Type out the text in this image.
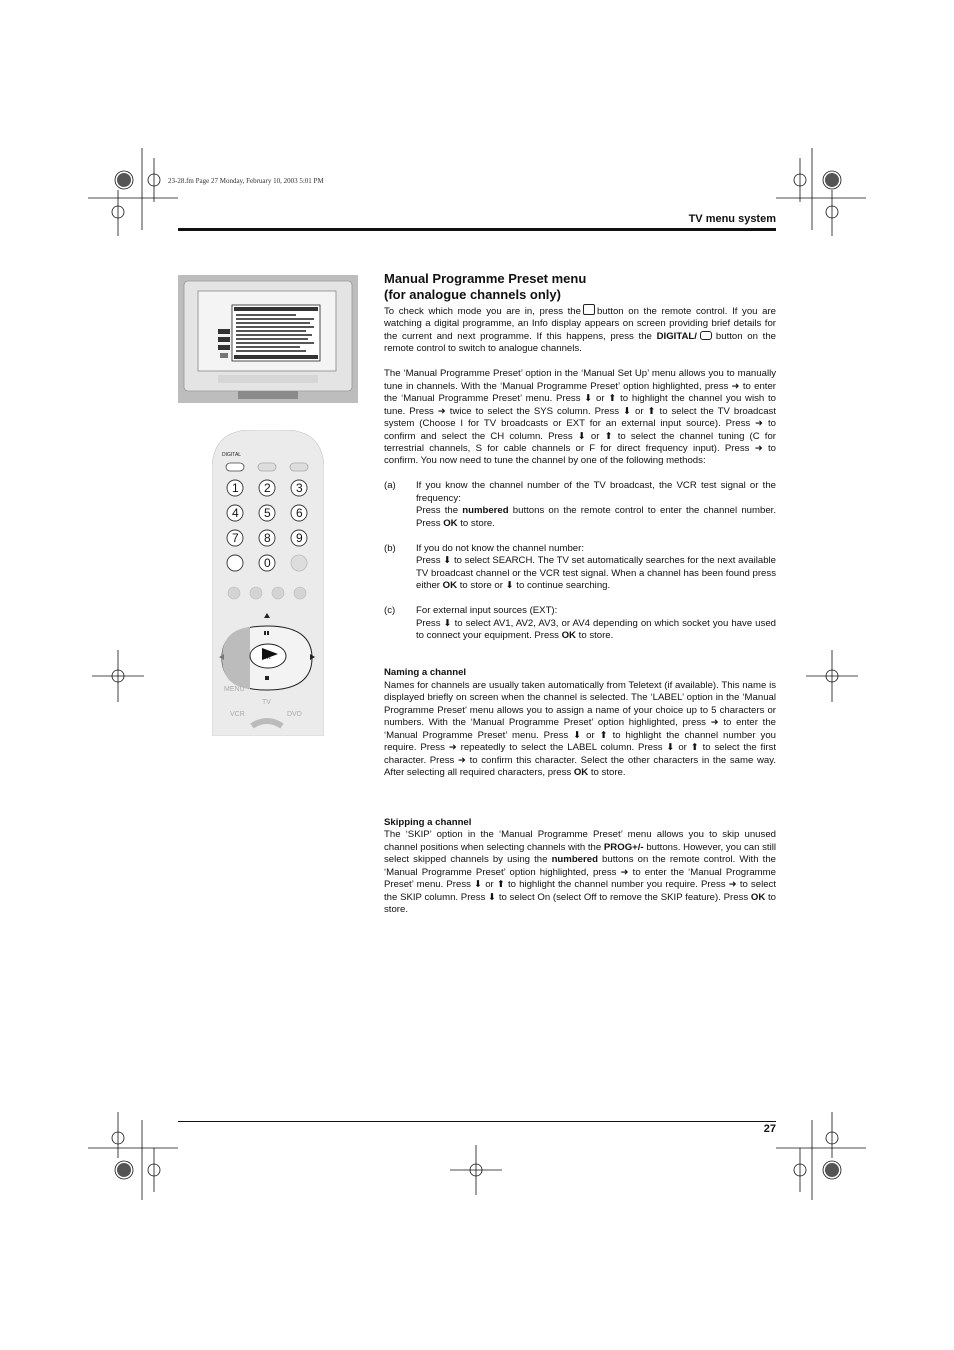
23-28.fm Page 27 Monday, February 10, 2003 5:01 PM
TV menu system
DIGITAL
1 2 3
4 5 6
7 8 9
0
OK
MENU
TV
VCR	DVD
Manual Programme Preset menu
(for analogue channels only)

To check which mode you are in, press the button on the remote control. If you are watching a digital programme, an Info display appears on screen providing brief details for the current and next programme. If this happens, press the DIGITAL/ button on the remote control to switch to analogue channels.

The ‘Manual Programme Preset’ option in the ‘Manual Set Up’ menu allows you to manually tune in channels. With the ‘Manual Programme Preset’ option highlighted, press ➜ to enter the ‘Manual Programme Preset’ menu. Press ⬇ or ⬆ to highlight the channel you wish to tune. Press ➜ twice to select the SYS column. Press ⬇ or ⬆ to select the TV broadcast system (Choose I for TV broadcasts or EXT for an external input source). Press ➜ to confirm and select the CH column. Press ⬇ or ⬆ to select the channel tuning (C for terrestrial channels, S for cable channels or F for direct frequency input). Press ➜ to confirm. You now need to tune the channel by one of the following methods:

(a)	If you know the channel number of the TV broadcast, the VCR test signal or the frequency:
Press the numbered buttons on the remote control to enter the channel number. Press OK to store.
(b)	If you do not know the channel number:
Press ⬇ to select SEARCH. The TV set automatically searches for the next available TV broadcast channel or the VCR test signal. When a channel has been found press either OK to store or ⬇ to continue searching.
(c)	For external input sources (EXT):
Press ⬇ to select AV1, AV2, AV3, or AV4 depending on which socket you have used to connect your equipment. Press OK to store.

Naming a channel

Names for channels are usually taken automatically from Teletext (if available). This name is displayed briefly on screen when the channel is selected. The ‘LABEL’ option in the ‘Manual Programme Preset’ menu allows you to assign a name of your choice up to 5 characters or numbers. With the ‘Manual Programme Preset’ option highlighted, press ➜ to enter the ‘Manual Programme Preset’ menu. Press ⬇ or ⬆ to highlight the channel number you require. Press ➜ repeatedly to select the LABEL column. Press ⬇ or ⬆ to select the first character. Press ➜ to confirm this character. Select the other characters in the same way. After selecting all required characters, press OK to store.

Skipping a channel

The ‘SKIP’ option in the ‘Manual Programme Preset’ menu allows you to skip unused channel positions when selecting channels with the PROG+/- buttons. However, you can still select skipped channels by using the numbered buttons on the remote control. With the ‘Manual Programme Preset’ option highlighted, press ➜ to enter the ‘Manual Programme Preset’ menu. Press ⬇ or ⬆ to highlight the channel number you require. Press ➜ to select the SKIP column. Press ⬇ to select On (select Off to remove the SKIP feature). Press OK to store.

27
